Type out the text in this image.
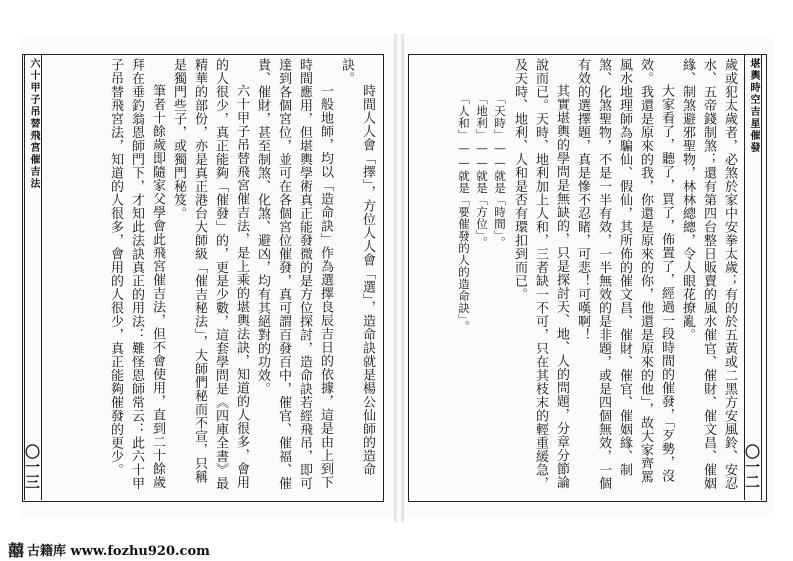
堪輿時空吉星催發
〇一二

歲或犯太歲者，必煞於家中安拳太歲；有的於五黃或二黑方安風鈴、安忍水、五帝錢制煞；還有第四台整日販賣的風水催官、催財、催文昌、催姻緣、制煞避邪聖物，林林總總，令人眼花撩亂。

大家看了，聽了，買了，佈置了，經過一段時間的催發，「歹勢，沒效。我還是原來的我，你還是原來的你，他還是原來的他」，故大家齊罵風水地理師為騙仙、假仙，其所佈的催文昌、催財、催官、催姻緣、制煞、化煞聖物，不是一半有效，一半無效的是非題，或是四個無效，一個有效的選擇題，真是慘不忍睹，可悲！可嘆啊！

其實堪輿的學問是無缺的，只是探討天、地、人的問題，分章分節論說而已。天時、地利加上人和，三者缺一不可，只在其枝末的輕重緩急，及天時、地利、人和是否有環扣到而已。

「天時」——就是「時間」。

「地利」——就是「方位」。

「人和」——就是「要催發的人的造命訣」。

六十甲子吊替飛宮催吉法
〇一三	時間人人會「擇」，方位人人會「選」，造命訣就是楊公仙師的造命訣。

一般地師，均以「造命訣」作為選擇良辰吉日的依據，這是由上到下時間應用，但堪輿學術真正能發微的是方位探討，造命訣若經飛吊，即可達到各個宮位，並可在各個宮位催發，真可謂百發百中，催官、催福、催貴、催財，甚至制煞、化煞、避凶，均有其絕對的功效。

六十甲子吊替飛宮催吉法，是上乘的堪輿法訣，知道的人很多，會用的人很少，真正能夠「催發」的，更是少數，這套學問是《四庫全書》最精華的部份，亦是真正港台大師級「催吉秘法」，大師們秘而不宣，只稱是獨門些子，或獨門秘笈。

筆者十餘歲即隨家父學會此飛宮催吉法，但不會使用，直到二十餘歲拜在垂釣翁恩師門下，才知此法訣真正的用法：難怪恩師常云：此六十甲子吊替飛宮法，知道的人很多，會用的人很少，真正能夠催發的更少。

囍 古籍库 www.fozhu920.com
